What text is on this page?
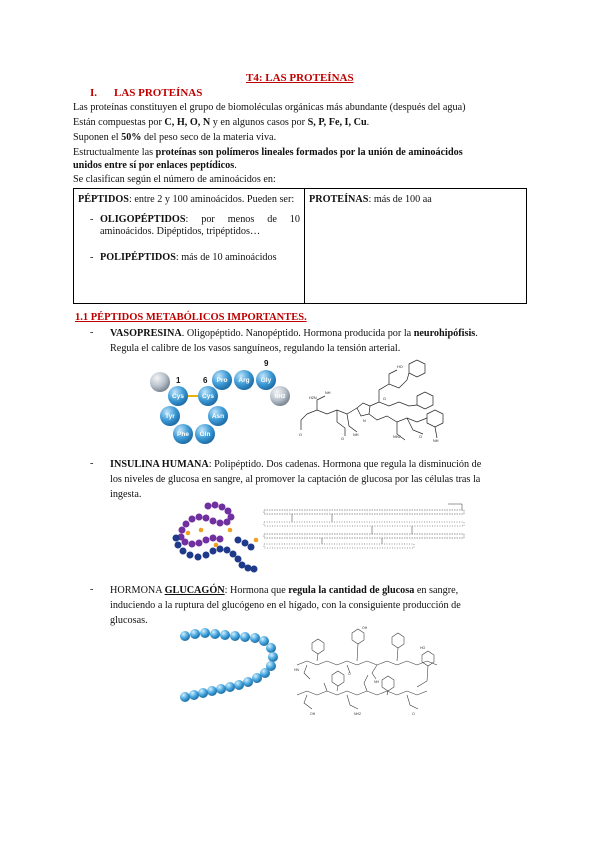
T4: LAS PROTEÍNAS
I. LAS PROTEÍNAS
Las proteínas constituyen el grupo de biomoléculas orgánicas más abundante (después del agua)
Están compuestas por C, H, O, N y en algunos casos por S, P, Fe, I, Cu.
Suponen el 50% del peso seco de la materia viva.
Estructualmente las proteínas son polímeros lineales formados por la unión de aminoácidos
unidos entre sí por enlaces peptídicos.
Se clasifican según el número de aminoácidos en:
PÉPTIDOS: entre 2 y 100 aminoácidos. Pueden ser:
- OLIGOPÉPTIDOS: por menos de 10 aminoácidos. Dipéptidos, tripéptidos…
- POLIPÉPTIDOS: más de 10 aminoácidos
	PROTEÍNAS: más de 100 aa
1.1 PÉPTIDOS METABÓLICOS IMPORTANTES.
- VASOPRESINA. Oligopéptido. Nanopéptido. Hormona producida por la neurohipófisis.
Regula el calibre de los vasos sanguíneos, regulando la tensión arterial.
Cys
Tyr
Phe Gln
Asn
Cys
Pro Arg Gly
NH2
1	6
9
H2N
NH
O
HO
N
NH2	O
O	NH
O
NH
- INSULINA HUMANA: Polipéptido. Dos cadenas. Hormona que regula la disminución de
los niveles de glucosa en sangre, al promover la captación de glucosa por las células tras la
ingesta.
- HORMONA GLUCAGÓN: Hormona que regula la cantidad de glucosa en sangre,
induciendo a la ruptura del glucógeno en el hígado, con la consiguiente producción de
glucosas.
HN
OH	NH2	O
O
NH
HO
OH
